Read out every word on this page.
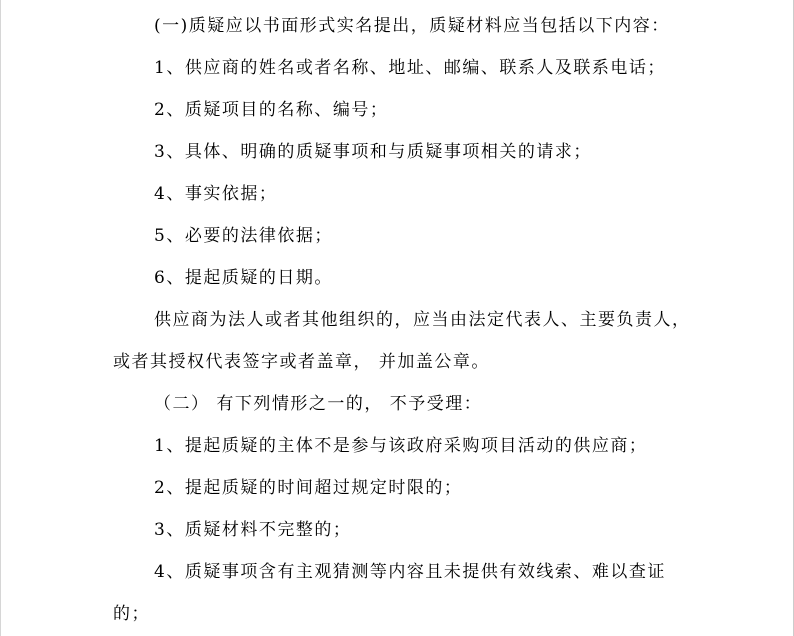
(一)质疑应以书面形式实名提出，质疑材料应当包括以下内容：
1、供应商的姓名或者名称、地址、邮编、联系人及联系电话；
2、质疑项目的名称、编号；
3、具体、明确的质疑事项和与质疑事项相关的请求；
4、事实依据；
5、必要的法律依据；
6、提起质疑的日期。
供应商为法人或者其他组织的，应当由法定代表人、主要负责人，
或者其授权代表签字或者盖章， 并加盖公章。
（二） 有下列情形之一的， 不予受理：
1、提起质疑的主体不是参与该政府采购项目活动的供应商；
2、提起质疑的时间超过规定时限的；
3、质疑材料不完整的；
4、质疑事项含有主观猜测等内容且未提供有效线索、难以查证
的；
